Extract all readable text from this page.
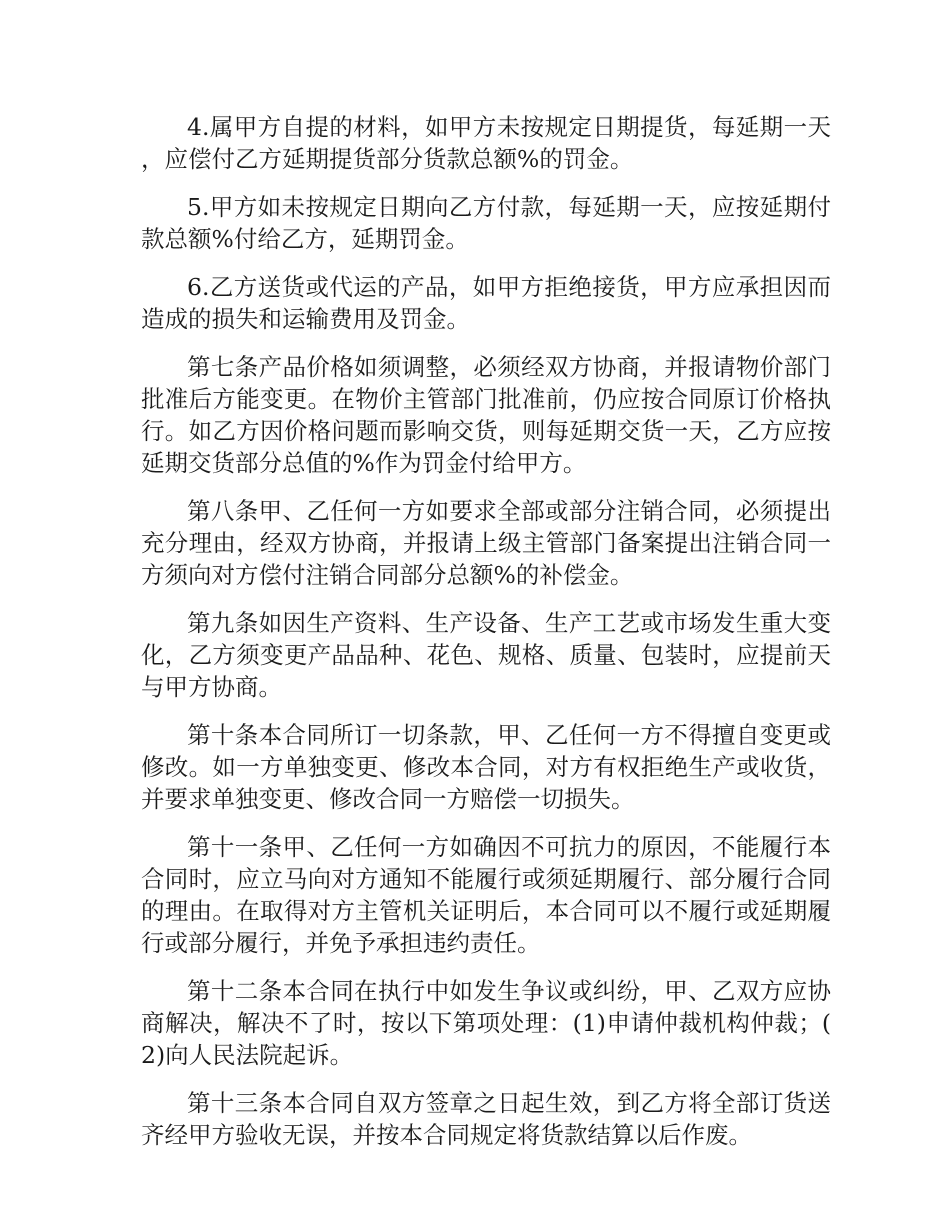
4.属甲方自提的材料，如甲方未按规定日期提货，每延期一天，应偿付乙方延期提货部分货款总额%的罚金。

5.甲方如未按规定日期向乙方付款，每延期一天，应按延期付款总额%付给乙方，延期罚金。

6.乙方送货或代运的产品，如甲方拒绝接货，甲方应承担因而造成的损失和运输费用及罚金。

第七条产品价格如须调整，必须经双方协商，并报请物价部门批准后方能变更。在物价主管部门批准前，仍应按合同原订价格执行。如乙方因价格问题而影响交货，则每延期交货一天，乙方应按延期交货部分总值的%作为罚金付给甲方。

第八条甲、乙任何一方如要求全部或部分注销合同，必须提出充分理由，经双方协商，并报请上级主管部门备案提出注销合同一方须向对方偿付注销合同部分总额%的补偿金。

第九条如因生产资料、生产设备、生产工艺或市场发生重大变化，乙方须变更产品品种、花色、规格、质量、包装时，应提前天与甲方协商。

第十条本合同所订一切条款，甲、乙任何一方不得擅自变更或修改。如一方单独变更、修改本合同，对方有权拒绝生产或收货，并要求单独变更、修改合同一方赔偿一切损失。

第十一条甲、乙任何一方如确因不可抗力的原因，不能履行本合同时，应立马向对方通知不能履行或须延期履行、部分履行合同的理由。在取得对方主管机关证明后，本合同可以不履行或延期履行或部分履行，并免予承担违约责任。

第十二条本合同在执行中如发生争议或纠纷，甲、乙双方应协商解决，解决不了时，按以下第项处理：(1)申请仲裁机构仲裁；(2)向人民法院起诉。

第十三条本合同自双方签章之日起生效，到乙方将全部订货送齐经甲方验收无误，并按本合同规定将货款结算以后作废。
